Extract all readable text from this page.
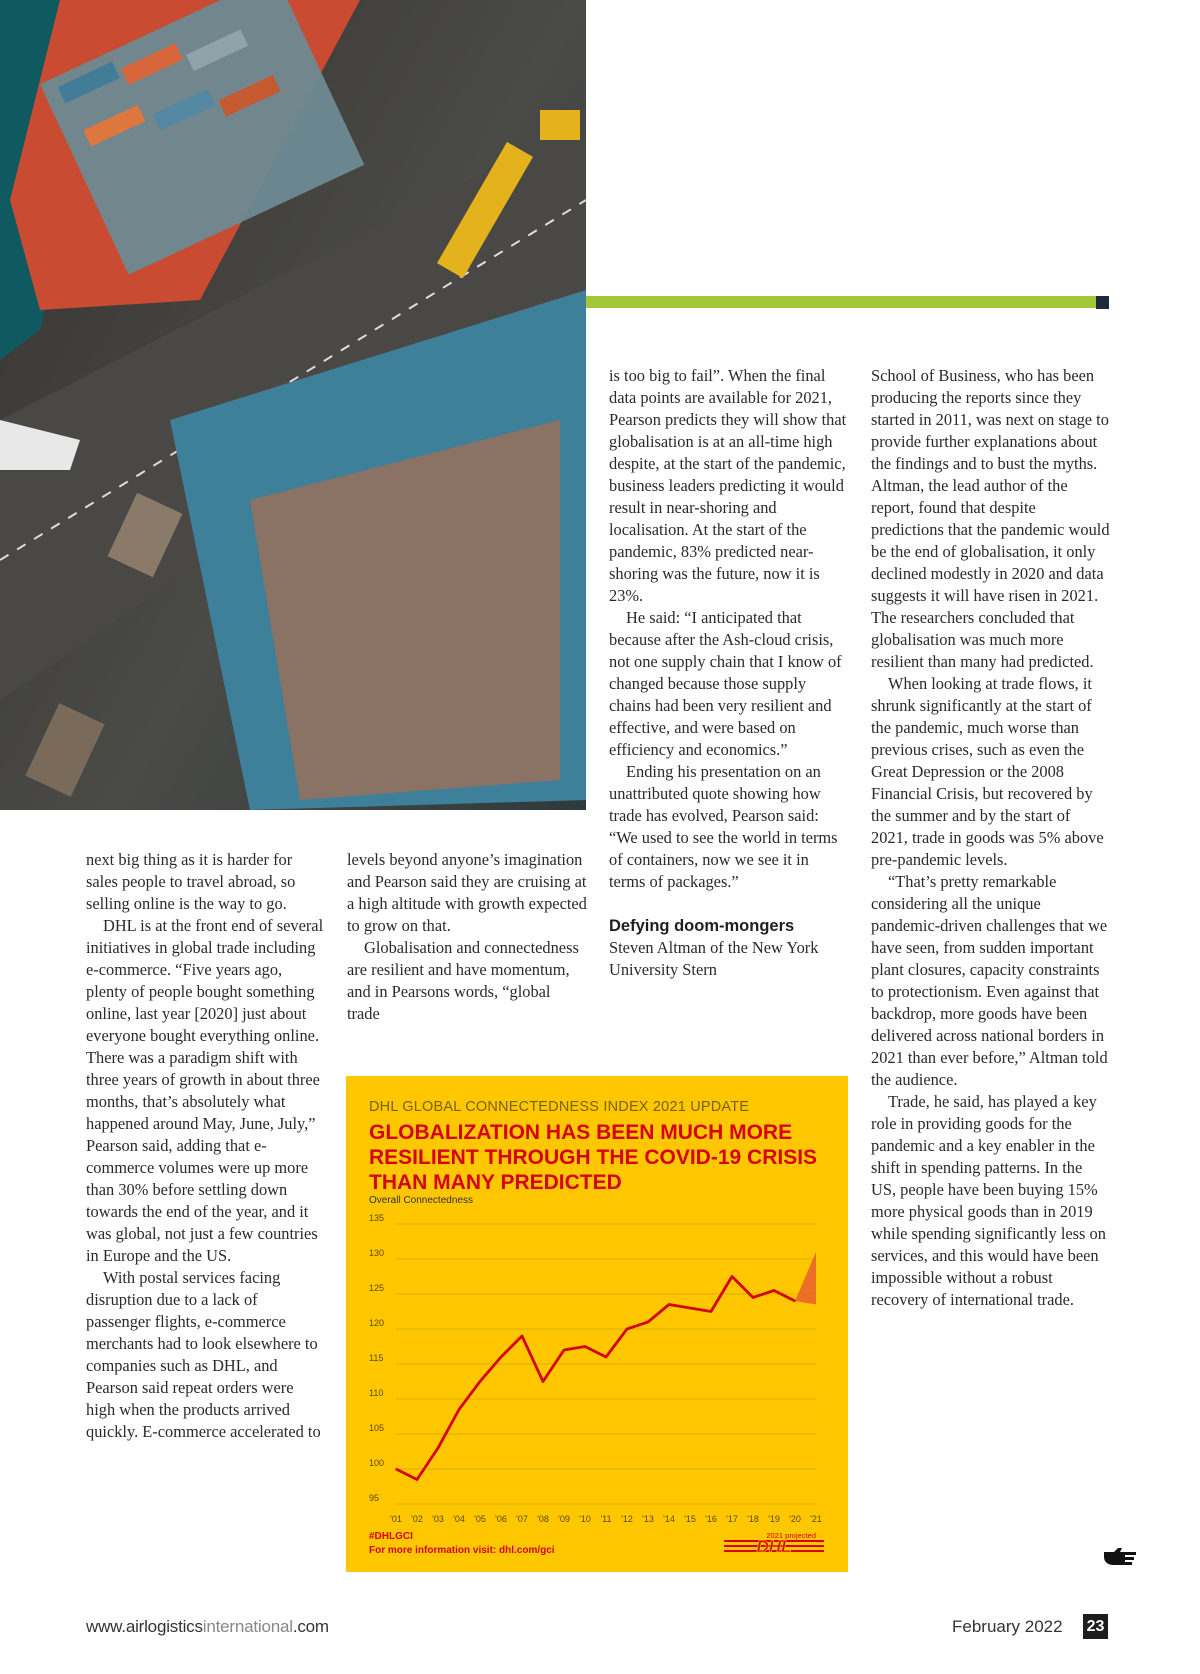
next big thing as it is harder for sales people to travel abroad, so selling online is the way to go.

DHL is at the front end of several initiatives in global trade including e-commerce. “Five years ago, plenty of people bought something online, last year [2020] just about everyone bought everything online. There was a paradigm shift with three years of growth in about three months, that’s absolutely what happened around May, June, July,” Pearson said, adding that e-commerce volumes were up more than 30% before settling down towards the end of the year, and it was global, not just a few countries in Europe and the US.

With postal services facing disruption due to a lack of passenger flights, e-commerce merchants had to look elsewhere to companies such as DHL, and Pearson said repeat orders were high when the products arrived quickly. E-commerce accelerated to

levels beyond anyone’s imagination and Pearson said they are cruising at a high altitude with growth expected to grow on that.

Globalisation and connectedness are resilient and have momentum, and in Pearsons words, “global trade

is too big to fail”. When the final data points are available for 2021, Pearson predicts they will show that globalisation is at an all-time high despite, at the start of the pandemic, business leaders predicting it would result in near-shoring and localisation. At the start of the pandemic, 83% predicted near-shoring was the future, now it is 23%.

He said: “I anticipated that because after the Ash-cloud crisis, not one supply chain that I know of changed because those supply chains had been very resilient and effective, and were based on efficiency and economics.”

Ending his presentation on an unattributed quote showing how trade has evolved, Pearson said: “We used to see the world in terms of containers, now we see it in terms of packages.”

Defying doom-mongers

Steven Altman of the New York University Stern

School of Business, who has been producing the reports since they started in 2011, was next on stage to provide further explanations about the findings and to bust the myths. Altman, the lead author of the report, found that despite predictions that the pandemic would be the end of globalisation, it only declined modestly in 2020 and data suggests it will have risen in 2021. The researchers concluded that globalisation was much more resilient than many had predicted.

When looking at trade flows, it shrunk significantly at the start of the pandemic, much worse than previous crises, such as even the Great Depression or the 2008 Financial Crisis, but recovered by the summer and by the start of 2021, trade in goods was 5% above pre-pandemic levels.

“That’s pretty remarkable considering all the unique pandemic-driven challenges that we have seen, from sudden important plant closures, capacity constraints to protectionism. Even against that backdrop, more goods have been delivered across national borders in 2021 than ever before,” Altman told the audience.

Trade, he said, has played a key role in providing goods for the pandemic and a key enabler in the shift in spending patterns. In the US, people have been buying 15% more physical goods than in 2019 while spending significantly less on services, and this would have been impossible without a robust recovery of international trade.

DHL GLOBAL CONNECTEDNESS INDEX 2021 UPDATE
GLOBALIZATION HAS BEEN MUCH MORE RESILIENT THROUGH THE COVID-19 CRISIS THAN MANY PREDICTED
Overall Connectedness
95
100
105
110
115
120
125
130
135
'01 '02 '03 '04 '05 '06 '07 '08 '09 '10 '11 '12 '13 '14 '15 '16 '17 '18 '19 '20 '21
2021 projected
#DHLGCI
For more information visit: dhl.com/gci	DHL
www.airlogisticsinternational.com	February 2022 23
